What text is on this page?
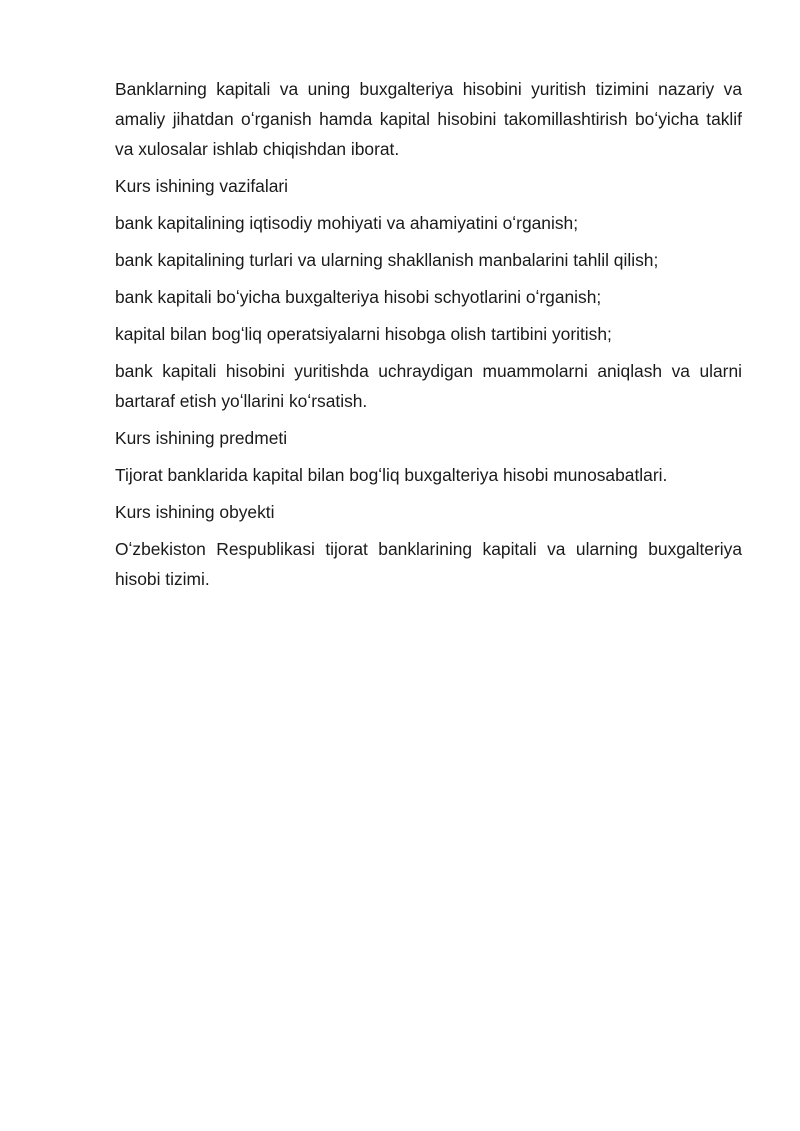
Banklarning kapitali va uning buxgalteriya hisobini yuritish tizimini nazariy va amaliy jihatdan oʻrganish hamda kapital hisobini takomillashtirish boʻyicha taklif va xulosalar ishlab chiqishdan iborat.

Kurs ishining vazifalari

bank kapitalining iqtisodiy mohiyati va ahamiyatini oʻrganish;

bank kapitalining turlari va ularning shakllanish manbalarini tahlil qilish;

bank kapitali boʻyicha buxgalteriya hisobi schyotlarini oʻrganish;

kapital bilan bogʻliq operatsiyalarni hisobga olish tartibini yoritish;

bank kapitali hisobini yuritishda uchraydigan muammolarni aniqlash va ularni bartaraf etish yoʻllarini koʻrsatish.

Kurs ishining predmeti

Tijorat banklarida kapital bilan bogʻliq buxgalteriya hisobi munosabatlari.

Kurs ishining obyekti

Oʻzbekiston Respublikasi tijorat banklarining kapitali va ularning buxgalteriya hisobi tizimi.
